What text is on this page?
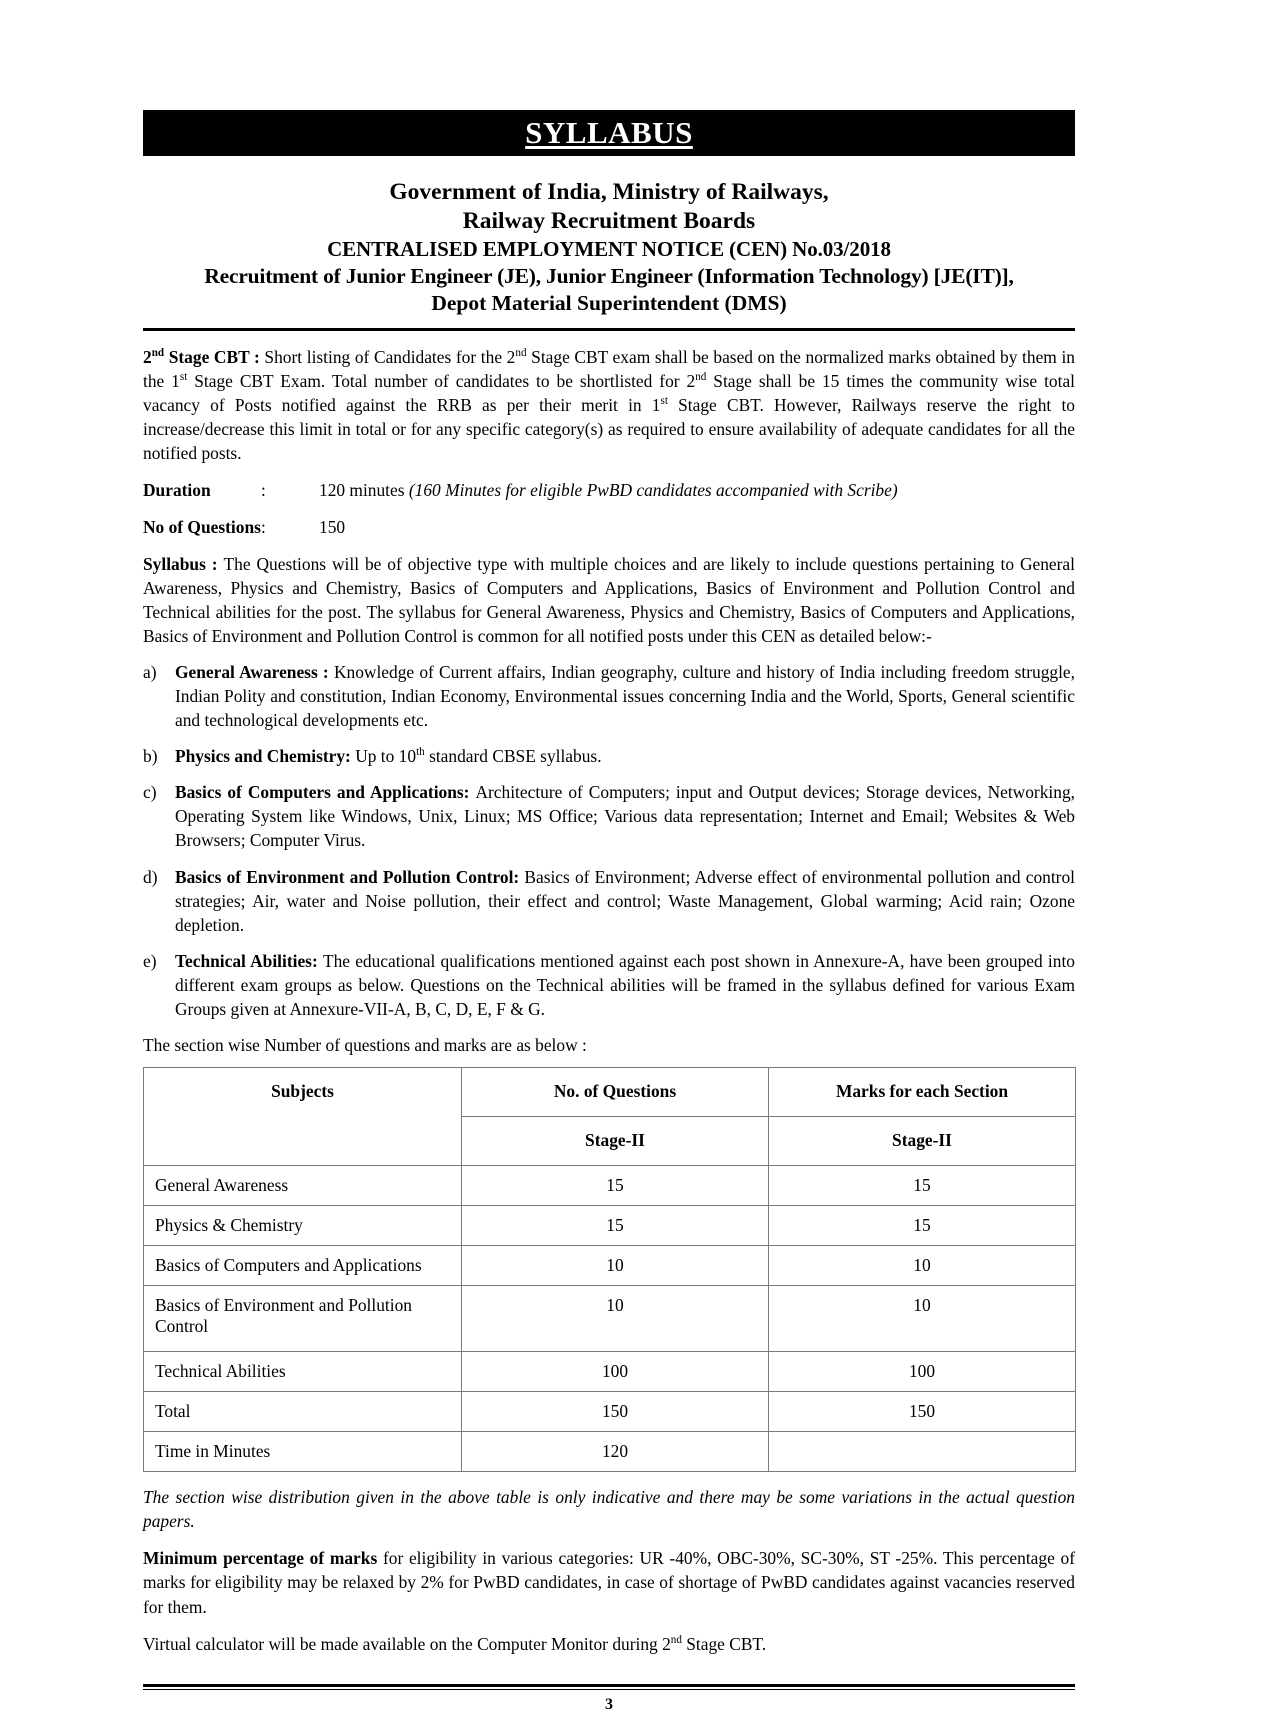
SYLLABUS
Government of India, Ministry of Railways,
Railway Recruitment Boards
CENTRALISED EMPLOYMENT NOTICE (CEN) No.03/2018
Recruitment of Junior Engineer (JE), Junior Engineer (Information Technology) [JE(IT)],
Depot Material Superintendent (DMS)

2nd Stage CBT : Short listing of Candidates for the 2nd Stage CBT exam shall be based on the normalized marks obtained by them in the 1st Stage CBT Exam. Total number of candidates to be shortlisted for 2nd Stage shall be 15 times the community wise total vacancy of Posts notified against the RRB as per their merit in 1st Stage CBT. However, Railways reserve the right to increase/decrease this limit in total or for any specific category(s) as required to ensure availability of adequate candidates for all the notified posts.

Duration	:	120 minutes (160 Minutes for eligible PwBD candidates accompanied with Scribe)
No of Questions :	150

Syllabus : The Questions will be of objective type with multiple choices and are likely to include questions pertaining to General Awareness, Physics and Chemistry, Basics of Computers and Applications, Basics of Environment and Pollution Control and Technical abilities for the post. The syllabus for General Awareness, Physics and Chemistry, Basics of Computers and Applications, Basics of Environment and Pollution Control is common for all notified posts under this CEN as detailed below:-

a) General Awareness : Knowledge of Current affairs, Indian geography, culture and history of India including freedom struggle, Indian Polity and constitution, Indian Economy, Environmental issues concerning India and the World, Sports, General scientific and technological developments etc.
b) Physics and Chemistry: Up to 10th standard CBSE syllabus.
c) Basics of Computers and Applications: Architecture of Computers; input and Output devices; Storage devices, Networking, Operating System like Windows, Unix, Linux; MS Office; Various data representation; Internet and Email; Websites & Web Browsers; Computer Virus.
d) Basics of Environment and Pollution Control: Basics of Environment; Adverse effect of environmental pollution and control strategies; Air, water and Noise pollution, their effect and control; Waste Management, Global warming; Acid rain; Ozone depletion.
e) Technical Abilities: The educational qualifications mentioned against each post shown in Annexure-A, have been grouped into different exam groups as below. Questions on the Technical abilities will be framed in the syllabus defined for various Exam Groups given at Annexure-VII-A, B, C, D, E, F & G.
The section wise Number of questions and marks are as below :
Subjects	No. of Questions	Marks for each Section
	Stage-II	Stage-II
General Awareness	15	15
Physics & Chemistry	15	15
Basics of Computers and Applications	10	10
Basics of Environment and Pollution Control	10	10
Technical Abilities	100	100
Total	150	150
Time in Minutes	120	

The section wise distribution given in the above table is only indicative and there may be some variations in the actual question papers.

Minimum percentage of marks for eligibility in various categories: UR -40%, OBC-30%, SC-30%, ST -25%. This percentage of marks for eligibility may be relaxed by 2% for PwBD candidates, in case of shortage of PwBD candidates against vacancies reserved for them.

Virtual calculator will be made available on the Computer Monitor during 2nd Stage CBT.

3
